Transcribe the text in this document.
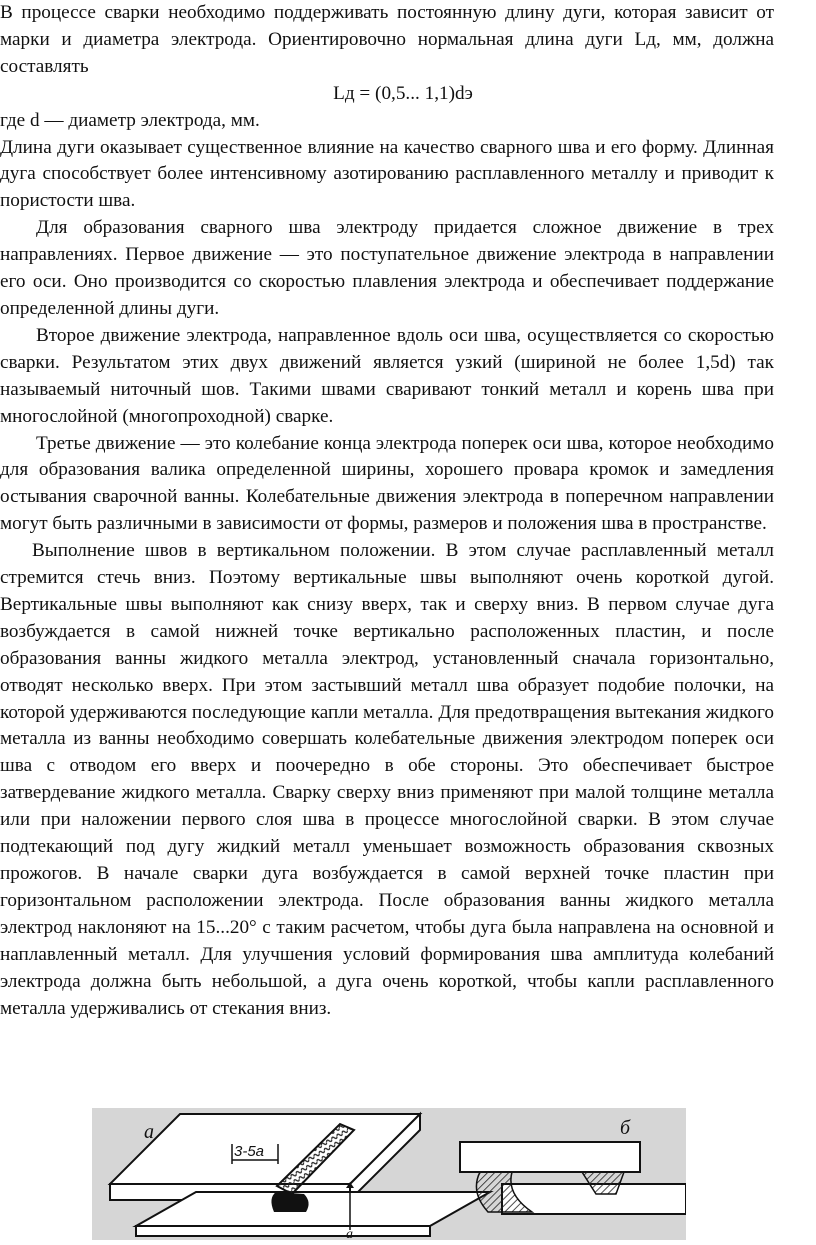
В процессе сварки необходимо поддерживать постоянную длину дуги, которая зависит от марки и диаметра электрода. Ориентировочно нормальная длина дуги Lд, мм, должна составлять

Lд = (0,5... 1,1)dэ

где d — диаметр электрода, мм.

Длина дуги оказывает существенное влияние на качество сварного шва и его форму. Длинная дуга способствует более интенсивному азотированию расплавленного металлу и приводит к пористости шва.

Для образования сварного шва электроду придается сложное движение в трех направлениях. Первое движение — это поступательное движение электрода в направлении его оси. Оно производится со скоростью плавления электрода и обеспечивает поддержание определенной длины дуги.

Второе движение электрода, направленное вдоль оси шва, осуществляется со скоростью сварки. Результатом этих двух движений является узкий (шириной не более 1,5d) так называемый ниточный шов. Такими швами сваривают тонкий металл и корень шва при многослойной (многопроходной) сварке.

Третье движение — это колебание конца электрода поперек оси шва, которое необходимо для образования валика определенной ширины, хорошего провара кромок и замедления остывания сварочной ванны. Колебательные движения электрода в поперечном направлении могут быть различными в зависимости от формы, размеров и положения шва в пространстве.

Выполнение швов в вертикальном положении. В этом случае расплавленный металл стремится стечь вниз. Поэтому вертикальные швы выполняют очень короткой дугой. Вертикальные швы выполняют как снизу вверх, так и сверху вниз. В первом случае дуга возбуждается в самой нижней точке вертикально расположенных пластин, и после образования ванны жидкого металла электрод, установленный сначала горизонтально, отводят несколько вверх. При этом застывший металл шва образует подобие полочки, на которой удерживаются последующие капли металла. Для предотвращения вытекания жидкого металла из ванны необходимо совершать колебательные движения электродом поперек оси шва с отводом его вверх и поочередно в обе стороны. Это обеспечивает быстрое затвердевание жидкого металла. Сварку сверху вниз применяют при малой толщине металла или при наложении первого слоя шва в процессе многослойной сварки. В этом случае подтекающий под дугу жидкий металл уменьшает возможность образования сквозных прожогов. В начале сварки дуга возбуждается в самой верхней точке пластин при горизонтальном расположении электрода. После образования ванны жидкого металла электрод наклоняют на 15...20° с таким расчетом, чтобы дуга была направлена на основной и наплавленный металл. Для улучшения условий формирования шва амплитуда колебаний электрода должна быть небольшой, а дуга очень короткой, чтобы капли расплавленного металла удерживались от стекания вниз.

3-5а
а
а	б
